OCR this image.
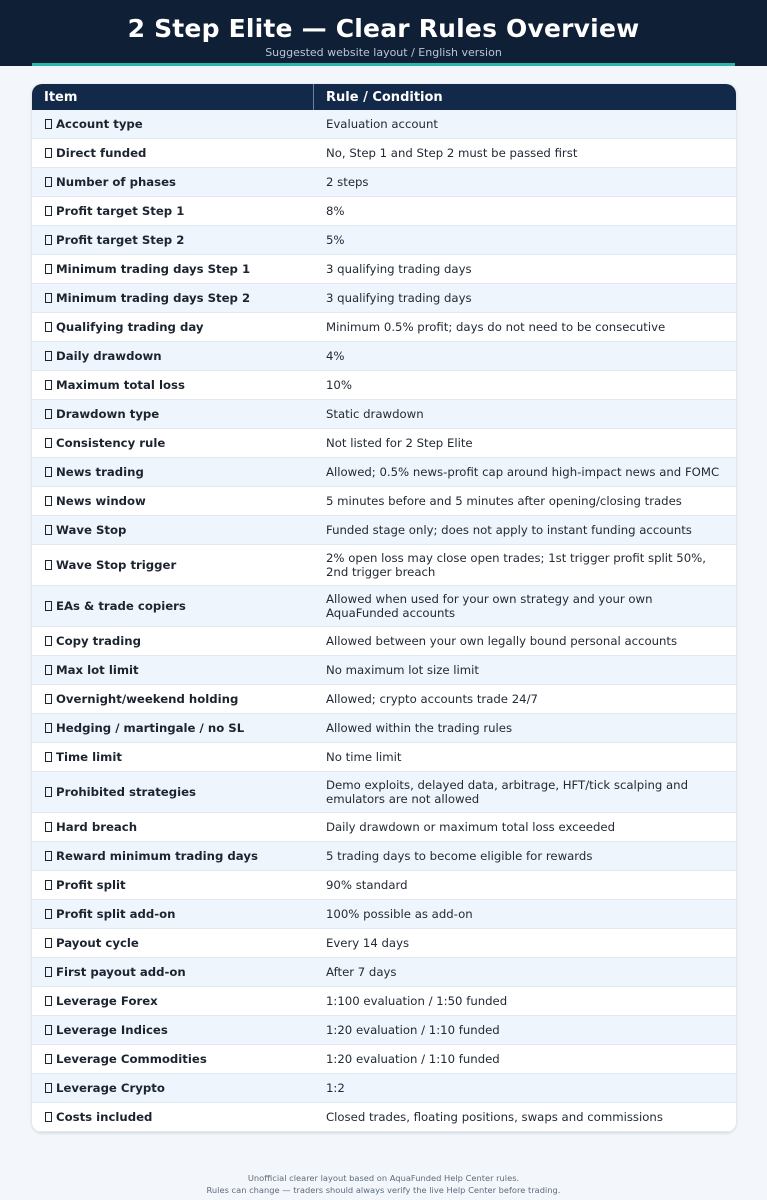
2 Step Elite — Clear Rules Overview
Suggested website layout / English version
Item	Rule / Condition
Account type	Evaluation account
Direct funded	No, Step 1 and Step 2 must be passed first
Number of phases	2 steps
Profit target Step 1	8%
Profit target Step 2	5%
Minimum trading days Step 1	3 qualifying trading days
Minimum trading days Step 2	3 qualifying trading days
Qualifying trading day	Minimum 0.5% profit; days do not need to be consecutive
Daily drawdown	4%
Maximum total loss	10%
Drawdown type	Static drawdown
Consistency rule	Not listed for 2 Step Elite
News trading	Allowed; 0.5% news-profit cap around high-impact news and FOMC
News window	5 minutes before and 5 minutes after opening/closing trades
Wave Stop	Funded stage only; does not apply to instant funding accounts
Wave Stop trigger	2% open loss may close open trades; 1st trigger profit split 50%, 2nd trigger breach
EAs & trade copiers	Allowed when used for your own strategy and your own AquaFunded accounts
Copy trading	Allowed between your own legally bound personal accounts
Max lot limit	No maximum lot size limit
Overnight/weekend holding	Allowed; crypto accounts trade 24/7
Hedging / martingale / no SL	Allowed within the trading rules
Time limit	No time limit
Prohibited strategies	Demo exploits, delayed data, arbitrage, HFT/tick scalping and emulators are not allowed
Hard breach	Daily drawdown or maximum total loss exceeded
Reward minimum trading days	5 trading days to become eligible for rewards
Profit split	90% standard
Profit split add-on	100% possible as add-on
Payout cycle	Every 14 days
First payout add-on	After 7 days
Leverage Forex	1:100 evaluation / 1:50 funded
Leverage Indices	1:20 evaluation / 1:10 funded
Leverage Commodities	1:20 evaluation / 1:10 funded
Leverage Crypto	1:2
Costs included	Closed trades, floating positions, swaps and commissions
Unofficial clearer layout based on AquaFunded Help Center rules.
Rules can change — traders should always verify the live Help Center before trading.
